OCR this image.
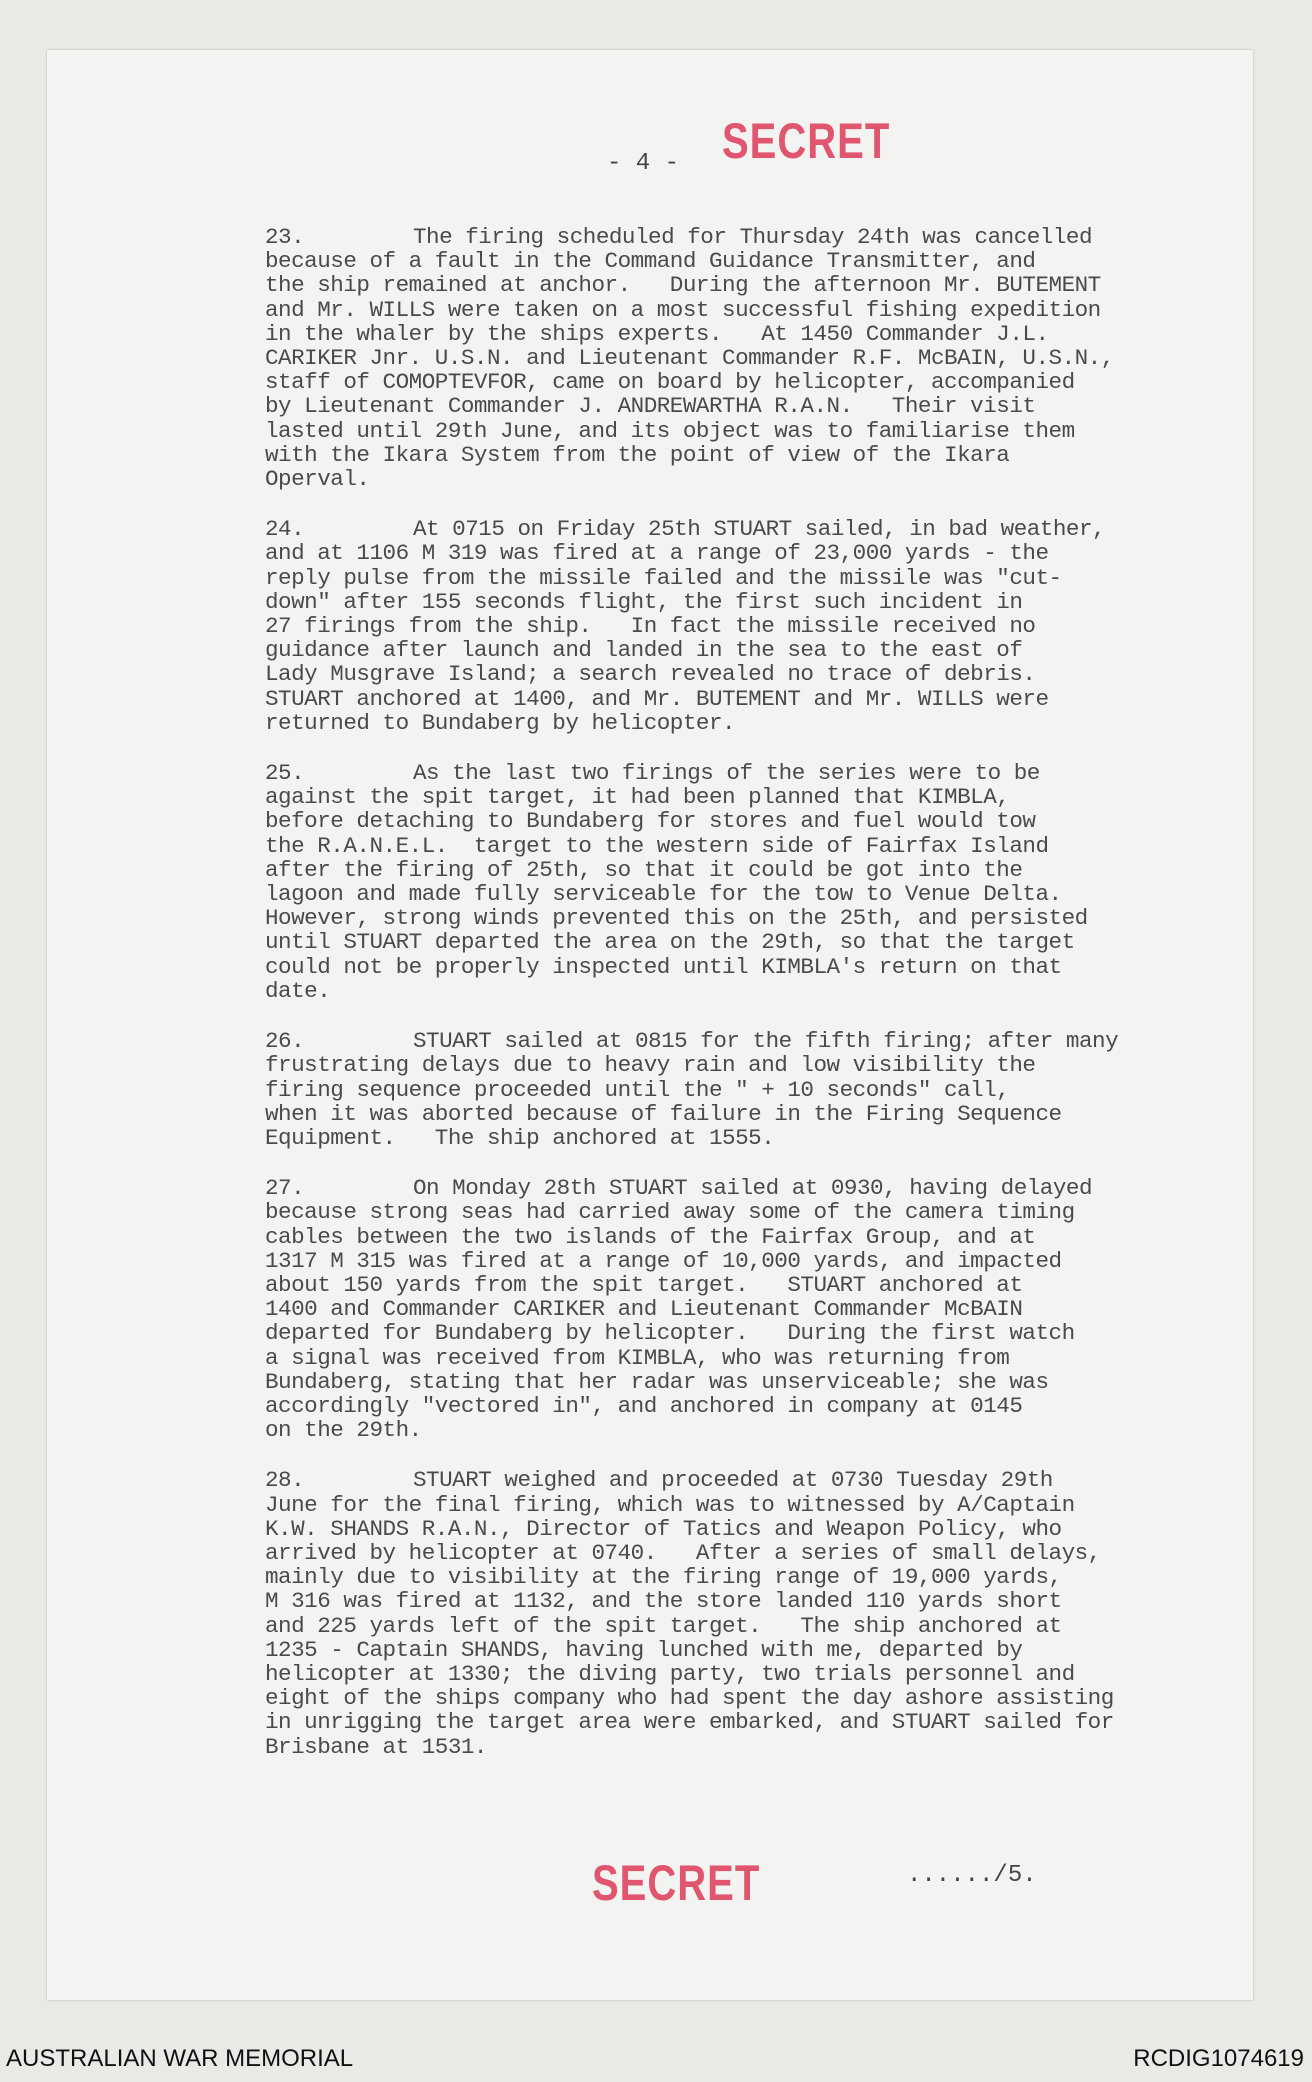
SECRET
- 4 -
23.	The firing scheduled for Thursday 24th was cancelled
because of a fault in the Command Guidance Transmitter, and
the ship remained at anchor.   During the afternoon Mr. BUTEMENT
and Mr. WILLS were taken on a most successful fishing expedition
in the whaler by the ships experts.   At 1450 Commander J.L.
CARIKER Jnr. U.S.N. and Lieutenant Commander R.F. McBAIN, U.S.N.,
staff of COMOPTEVFOR, came on board by helicopter, accompanied
by Lieutenant Commander J. ANDREWARTHA R.A.N.   Their visit
lasted until 29th June, and its object was to familiarise them
with the Ikara System from the point of view of the Ikara
Operval.
24.	At 0715 on Friday 25th STUART sailed, in bad weather,
and at 1106 M 319 was fired at a range of 23,000 yards - the
reply pulse from the missile failed and the missile was "cut-
down" after 155 seconds flight, the first such incident in
27 firings from the ship.   In fact the missile received no
guidance after launch and landed in the sea to the east of
Lady Musgrave Island; a search revealed no trace of debris.
STUART anchored at 1400, and Mr. BUTEMENT and Mr. WILLS were
returned to Bundaberg by helicopter.
25.	As the last two firings of the series were to be
against the spit target, it had been planned that KIMBLA,
before detaching to Bundaberg for stores and fuel would tow
the R.A.N.E.L.  target to the western side of Fairfax Island
after the firing of 25th, so that it could be got into the
lagoon and made fully serviceable for the tow to Venue Delta.
However, strong winds prevented this on the 25th, and persisted
until STUART departed the area on the 29th, so that the target
could not be properly inspected until KIMBLA's return on that
date.
26.	STUART sailed at 0815 for the fifth firing; after many
frustrating delays due to heavy rain and low visibility the
firing sequence proceeded until the " + 10 seconds" call,
when it was aborted because of failure in the Firing Sequence
Equipment.   The ship anchored at 1555.
27.	On Monday 28th STUART sailed at 0930, having delayed
because strong seas had carried away some of the camera timing
cables between the two islands of the Fairfax Group, and at
1317 M 315 was fired at a range of 10,000 yards, and impacted
about 150 yards from the spit target.   STUART anchored at
1400 and Commander CARIKER and Lieutenant Commander McBAIN
departed for Bundaberg by helicopter.   During the first watch
a signal was received from KIMBLA, who was returning from
Bundaberg, stating that her radar was unserviceable; she was
accordingly "vectored in", and anchored in company at 0145
on the 29th.
28.	STUART weighed and proceeded at 0730 Tuesday 29th
June for the final firing, which was to witnessed by A/Captain
K.W. SHANDS R.A.N., Director of Tatics and Weapon Policy, who
arrived by helicopter at 0740.   After a series of small delays,
mainly due to visibility at the firing range of 19,000 yards,
M 316 was fired at 1132, and the store landed 110 yards short
and 225 yards left of the spit target.   The ship anchored at
1235 - Captain SHANDS, having lunched with me, departed by
helicopter at 1330; the diving party, two trials personnel and
eight of the ships company who had spent the day ashore assisting
in unrigging the target area were embarked, and STUART sailed for
Brisbane at 1531.
SECRET	....../5.
AUSTRALIAN WAR MEMORIAL	RCDIG1074619
